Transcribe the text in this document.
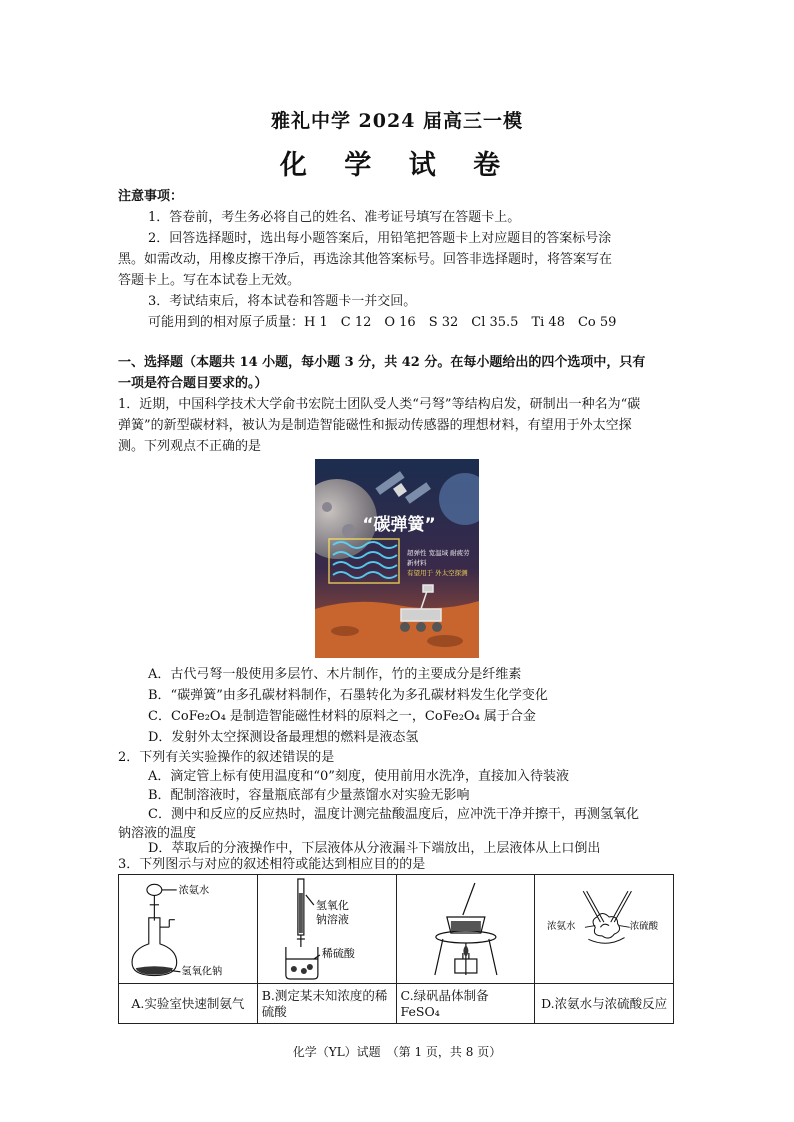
雅礼中学 2024 届高三一模
化 学 试 卷
注意事项：
1．答卷前，考生务必将自己的姓名、准考证号填写在答题卡上。
2．回答选择题时，选出每小题答案后，用铅笔把答题卡上对应题目的答案标号涂
黑。如需改动，用橡皮擦干净后，再选涂其他答案标号。回答非选择题时，将答案写在
答题卡上。写在本试卷上无效。
3．考试结束后，将本试卷和答题卡一并交回。
可能用到的相对原子质量：H 1　C 12　O 16　S 32　Cl 35.5　Ti 48　Co 59
一、选择题（本题共 14 小题，每小题 3 分，共 42 分。在每小题给出的四个选项中，只有
一项是符合题目要求的。）
1．近期，中国科学技术大学俞书宏院士团队受人类“弓弩”等结构启发，研制出一种名为“碳
弹簧”的新型碳材料，被认为是制造智能磁性和振动传感器的理想材料，有望用于外太空探
测。下列观点不正确的是
“碳弹簧”
超弹性 宽温域 耐疲劳
新材料
有望用于 外太空探测
A．古代弓弩一般使用多层竹、木片制作，竹的主要成分是纤维素
B．“碳弹簧”由多孔碳材料制作，石墨转化为多孔碳材料发生化学变化
C．CoFe₂O₄ 是制造智能磁性材料的原料之一，CoFe₂O₄ 属于合金
D．发射外太空探测设备最理想的燃料是液态氢
2．下列有关实验操作的叙述错误的是
A．滴定管上标有使用温度和“0”刻度，使用前用水洗净，直接加入待装液
B．配制溶液时，容量瓶底部有少量蒸馏水对实验无影响
C．测中和反应的反应热时，温度计测完盐酸温度后，应冲洗干净并擦干，再测氢氧化
钠溶液的温度
D．萃取后的分液操作中，下层液体从分液漏斗下端放出，上层液体从上口倒出
3．下列图示与对应的叙述相符或能达到相应目的的是
浓氨水
氢氧化钠	氢氧化
钠溶液
稀硫酸		浓氨水 浓硫酸

A.实验室快速制氨气	B.测定某未知浓度的稀硫酸	C.绿矾晶体制备 FeSO₄	D.浓氨水与浓硫酸反应
化学（YL）试题　（第 1 页，共 8 页）
